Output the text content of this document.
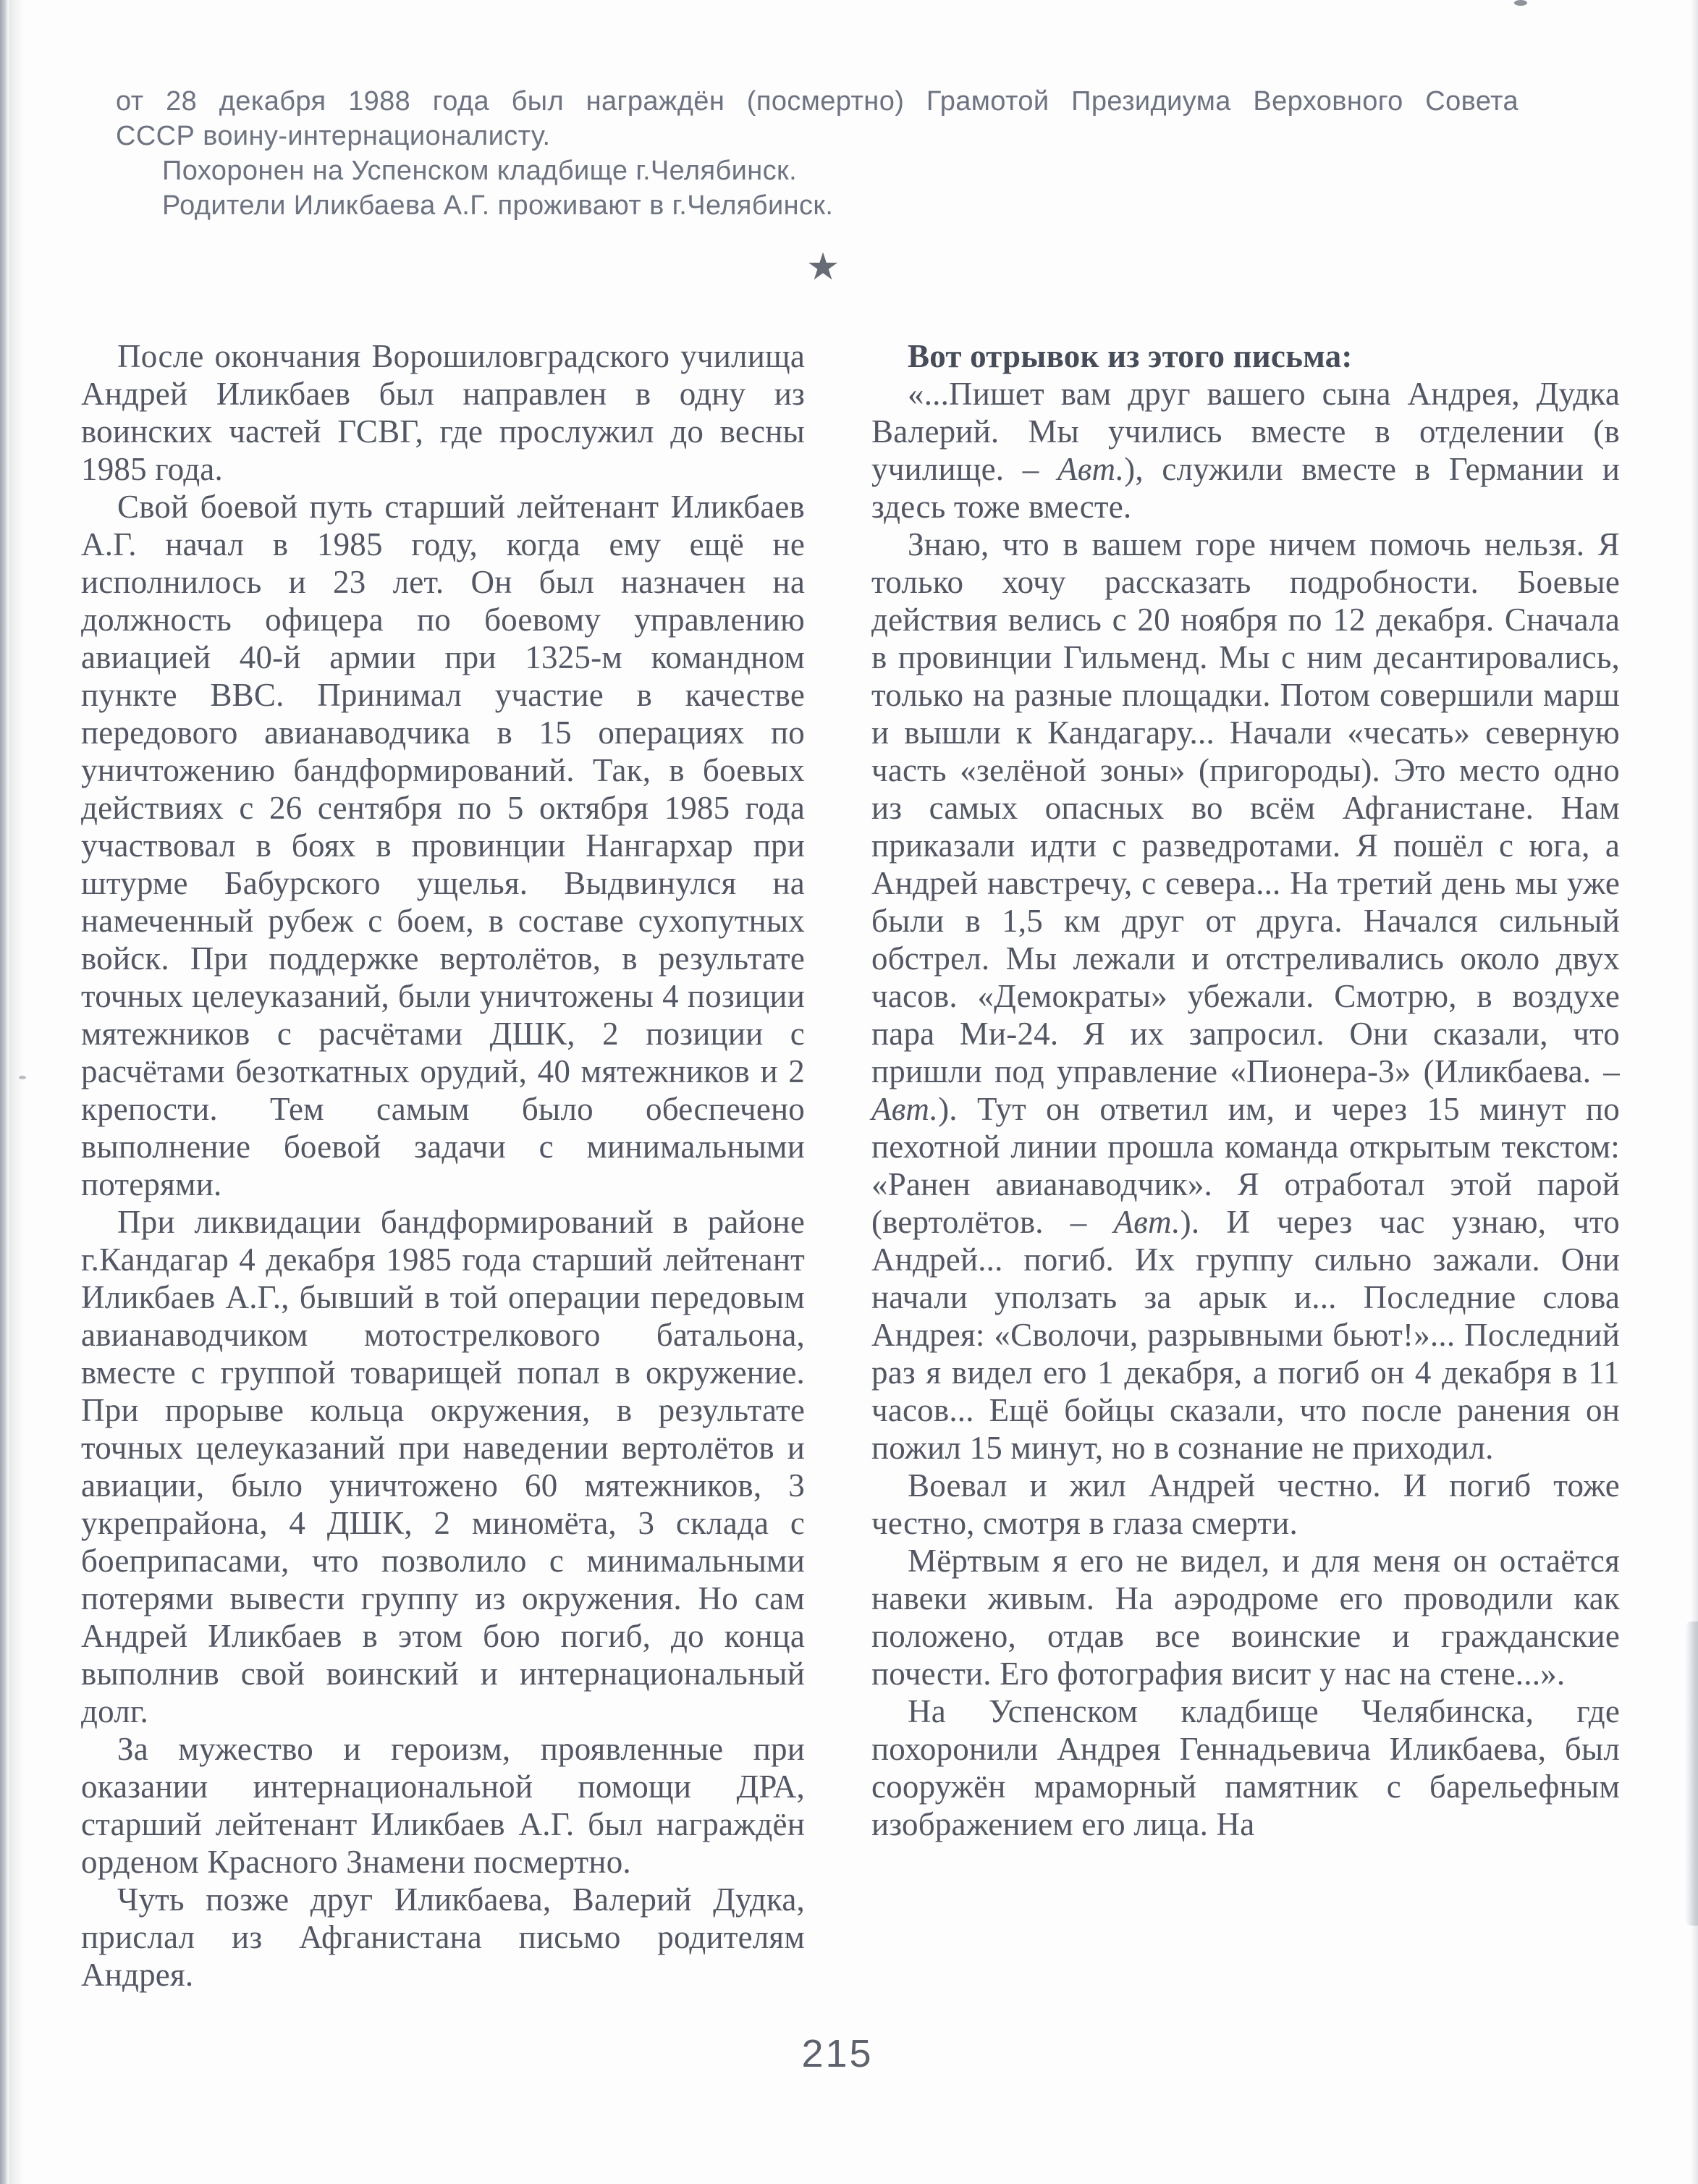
от 28 декабря 1988 года был награждён (посмертно) Грамотой Президиума Верховного Совета
СССР воину-интернационалисту.
Похоронен на Успенском кладбище г.Челябинск.
Родители Иликбаева А.Г. проживают в г.Челябинск.
★

После окончания Ворошиловградского училища Андрей Иликбаев был направлен в одну из воинских частей ГСВГ, где прослужил до весны 1985 года.

Свой боевой путь старший лейтенант Иликбаев А.Г. начал в 1985 году, когда ему ещё не исполнилось и 23 лет. Он был назначен на должность офицера по боевому управлению авиацией 40-й армии при 1325-м командном пункте ВВС. Принимал участие в качестве передового авианаводчика в 15 операциях по уничтожению бандформирований. Так, в боевых действиях с 26 сентября по 5 октября 1985 года участвовал в боях в провинции Нангархар при штурме Бабурского ущелья. Выдвинулся на намеченный рубеж с боем, в составе сухопутных войск. При поддержке вертолётов, в результате точных целеуказаний, были уничтожены 4 позиции мятежников с расчётами ДШК, 2 позиции с расчётами безоткатных орудий, 40 мятежников и 2 крепости. Тем самым было обеспечено выполнение боевой задачи с минимальными потерями.

При ликвидации бандформирований в районе г.Кандагар 4 декабря 1985 года старший лейтенант Иликбаев А.Г., бывший в той операции передовым авианаводчиком мотострелкового батальона, вместе с группой товарищей попал в окружение. При прорыве кольца окружения, в результате точных целеуказаний при наведении вертолётов и авиации, было уничтожено 60 мятежников, 3 укрепрайона, 4 ДШК, 2 миномёта, 3 склада с боеприпасами, что позволило с минимальными потерями вывести группу из окружения. Но сам Андрей Иликбаев в этом бою погиб, до конца выполнив свой воинский и интернациональный долг.

За мужество и героизм, проявленные при оказании интернациональной помощи ДРА, старший лейтенант Иликбаев А.Г. был награждён орденом Красного Знамени посмертно.

Чуть позже друг Иликбаева, Валерий Дудка, прислал из Афганистана письмо родителям Андрея.

Вот отрывок из этого письма:

«...Пишет вам друг вашего сына Андрея, Дудка Валерий. Мы учились вместе в отделении (в училище. – Авт.), служили вместе в Германии и здесь тоже вместе.

Знаю, что в вашем горе ничем помочь нельзя. Я только хочу рассказать подробности. Боевые действия велись с 20 ноября по 12 декабря. Сначала в провинции Гильменд. Мы с ним десантировались, только на разные площадки. Потом совершили марш и вышли к Кандагару... Начали «чесать» северную часть «зелёной зоны» (пригороды). Это место одно из самых опасных во всём Афганистане. Нам приказали идти с разведротами. Я пошёл с юга, а Андрей навстречу, с севера... На третий день мы уже были в 1,5 км друг от друга. Начался сильный обстрел. Мы лежали и отстреливались около двух часов. «Демократы» убежали. Смотрю, в воздухе пара Ми-24. Я их запросил. Они сказали, что пришли под управление «Пионера-3» (Иликбаева. – Авт.). Тут он ответил им, и через 15 минут по пехотной линии прошла команда открытым текстом: «Ранен авианаводчик». Я отработал этой парой (вертолётов. – Авт.). И через час узнаю, что Андрей... погиб. Их группу сильно зажали. Они начали уползать за арык и... Последние слова Андрея: «Сволочи, разрывными бьют!»... Последний раз я видел его 1 декабря, а погиб он 4 декабря в 11 часов... Ещё бойцы сказали, что после ранения он пожил 15 минут, но в сознание не приходил.

Воевал и жил Андрей честно. И погиб тоже честно, смотря в глаза смерти.

Мёртвым я его не видел, и для меня он остаётся навеки живым. На аэродроме его проводили как положено, отдав все воинские и гражданские почести. Его фотография висит у нас на стене...».

На Успенском кладбище Челябинска, где похоронили Андрея Геннадьевича Иликбаева, был сооружён мраморный памятник с барельефным изображением его лица. На

215
